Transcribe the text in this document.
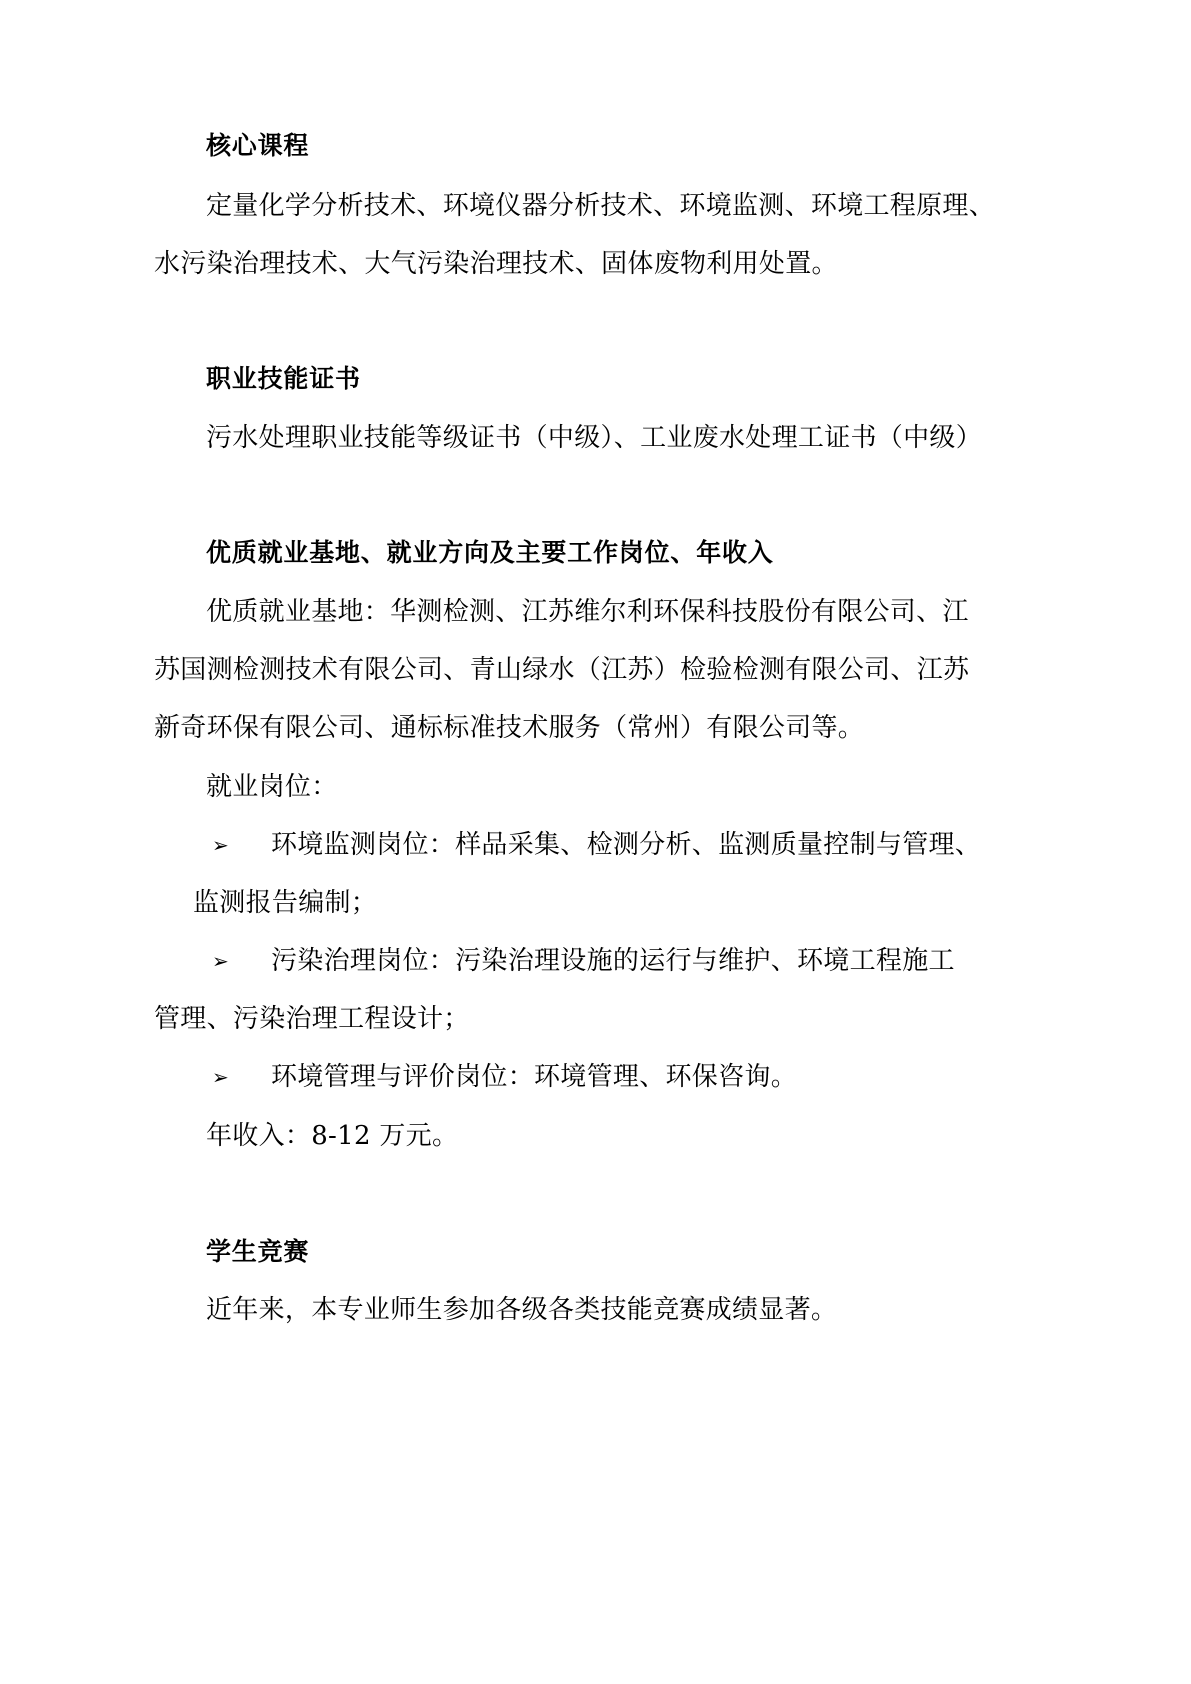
核心课程
定量化学分析技术、环境仪器分析技术、环境监测、环境工程原理、
水污染治理技术、大气污染治理技术、固体废物利用处置。
职业技能证书
污水处理职业技能等级证书（中级）、工业废水处理工证书（中级）
优质就业基地、就业方向及主要工作岗位、年收入
优质就业基地：华测检测、江苏维尔利环保科技股份有限公司、江
苏国测检测技术有限公司、青山绿水（江苏）检验检测有限公司、江苏
新奇环保有限公司、通标标准技术服务（常州）有限公司等。
就业岗位：
➢ 环境监测岗位：样品采集、检测分析、监测质量控制与管理、
监测报告编制；
➢ 污染治理岗位：污染治理设施的运行与维护、环境工程施工
管理、污染治理工程设计；
➢ 环境管理与评价岗位：环境管理、环保咨询。
年收入：8-12 万元。
学生竞赛
近年来，本专业师生参加各级各类技能竞赛成绩显著。
